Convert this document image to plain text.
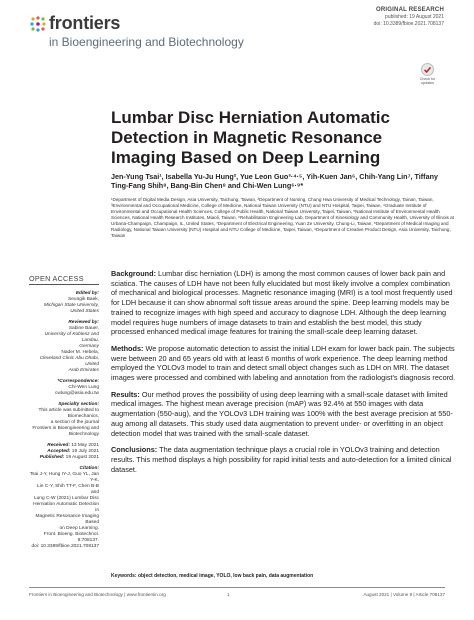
frontiers
in Bioengineering and Biotechnology
ORIGINAL RESEARCH
published: 19 August 2021
doi: 10.3389/fbioe.2021.708137
Check for updates
Lumbar Disc Herniation Automatic Detection in Magnetic Resonance Imaging Based on Deep Learning
Jen-Yung Tsai¹, Isabella Yu-Ju Hung², Yue Leon Guo³·⁴·⁵, Yih-Kuen Jan⁶, Chih-Yang Lin⁷, Tiffany Ting-Fang Shih⁸, Bang-Bin Chen⁸ and Chi-Wen Lung⁶·⁹*
¹Department of Digital Media Design, Asia University, Taichung, Taiwan, ²Department of Nursing, Chung Hwa University of Medical Technology, Tainan, Taiwan, ³Environmental and Occupational Medicine, College of Medicine, National Taiwan University (NTU) and NTU Hospital, Taipei, Taiwan, ⁴Graduate Institute of Environmental and Occupational Health Sciences, College of Public Health, National Taiwan University, Taipei, Taiwan, ⁵National Institute of Environmental Health Sciences, National Health Research Institutes, Miaoli, Taiwan, ⁶Rehabilitation Engineering Lab, Department of Kinesiology and Community Health, University of Illinois at Urbana-Champaign, Champaign, IL, United States, ⁷Department of Electrical Engineering, Yuan Ze University, Chung-Li, Taiwan, ⁸Department of Medical Imaging and Radiology, National Taiwan University (NTU) Hospital and NTU College of Medicine, Taipei, Taiwan, ⁹Department of Creative Product Design, Asia University, Taichung, Taiwan
OPEN ACCESS
Edited by:
Seungik Baek,
Michigan State University,
United States
Reviewed by:
Sabine Bauer,
University of Koblenz and Landau,
Germany
Nader M. Hebela,
Cleveland Clinic Abu Dhabi, United
Arab Emirates
*Correspondence:
Chi-Wen Lung
cwlung@asia.edu.tw
Specialty section:
This article was submitted to
Biomechanics,
a section of the journal
Frontiers in Bioengineering and
Biotechnology
Received: 13 May 2021
Accepted: 19 July 2021
Published: 19 August 2021
Citation:
Tsai J-Y, Hung IY-J, Guo YL, Jan Y-K,
Lin C-Y, Shih TT-F, Chen B-B and
Lung C-W (2021) Lumbar Disc
Herniation Automatic Detection in
Magnetic Resonance Imaging Based
on Deep Learning.
Front. Bioeng. Biotechnol. 9:708137.
doi: 10.3389/fbioe.2021.708137

Background: Lumbar disc herniation (LDH) is among the most common causes of lower back pain and sciatica. The causes of LDH have not been fully elucidated but most likely involve a complex combination of mechanical and biological processes. Magnetic resonance imaging (MRI) is a tool most frequently used for LDH because it can show abnormal soft tissue areas around the spine. Deep learning models may be trained to recognize images with high speed and accuracy to diagnose LDH. Although the deep learning model requires huge numbers of image datasets to train and establish the best model, this study processed enhanced medical image features for training the small-scale deep learning dataset.

Methods: We propose automatic detection to assist the initial LDH exam for lower back pain. The subjects were between 20 and 65 years old with at least 6 months of work experience. The deep learning method employed the YOLOv3 model to train and detect small object changes such as LDH on MRI. The dataset images were processed and combined with labeling and annotation from the radiologist's diagnosis record.

Results: Our method proves the possibility of using deep learning with a small-scale dataset with limited medical images. The highest mean average precision (mAP) was 92.4% at 550 images with data augmentation (550-aug), and the YOLOv3 LDH training was 100% with the best average precision at 550-aug among all datasets. This study used data augmentation to prevent under- or overfitting in an object detection model that was trained with the small-scale dataset.

Conclusions: The data augmentation technique plays a crucial role in YOLOv3 training and detection results. This method displays a high possibility for rapid initial tests and auto-detection for a limited clinical dataset.

Keywords: object detection, medical image, YOLO, low back pain, data augmentation
Frontiers in Bioengineering and Biotechnology | www.frontiersin.org	1	August 2021 | Volume 9 | Article 708137
